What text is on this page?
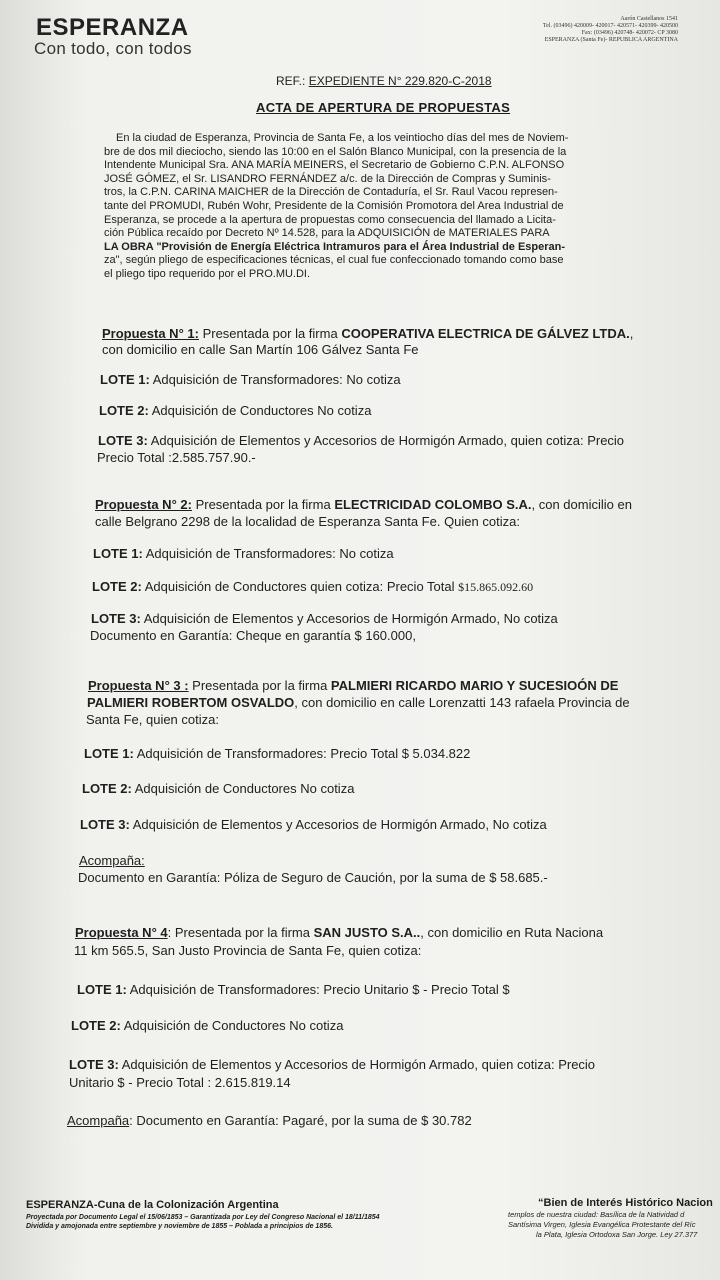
ESPERANZA
Con todo, con todos
Aarón Castellanos 1541
Tel. (03496) 420009- 420017- 420571- 420399- 420500
Fax: (03496) 420748- 420072- CP 3080
ESPERANZA (Santa Fe)- REPUBLICA ARGENTINA
REF.: EXPEDIENTE N° 229.820-C-2018
ACTA DE APERTURA DE PROPUESTAS

En la ciudad de Esperanza, Provincia de Santa Fe, a los veintiocho días del mes de Noviem-

bre de dos mil dieciocho, siendo las 10:00 en el Salón Blanco Municipal, con la presencia de la

Intendente Municipal Sra. ANA MARÍA MEINERS, el Secretario de Gobierno C.P.N. ALFONSO

JOSÉ GÓMEZ, el Sr. LISANDRO FERNÁNDEZ a/c. de la Dirección de Compras y Suminis-

tros, la C.P.N. CARINA MAICHER de la Dirección de Contaduría, el Sr. Raul Vacou represen-

tante del PROMUDI, Rubén Wohr, Presidente de la Comisión Promotora del Area Industrial de

Esperanza, se procede a la apertura de propuestas como consecuencia del llamado a Licita-

ción Pública recaído por Decreto Nº 14.528, para la ADQUISICIÓN de MATERIALES PARA

LA OBRA "Provisión de Energía Eléctrica Intramuros para el Área Industrial de Esperan-

za", según pliego de especificaciones técnicas, el cual fue confeccionado tomando como base

el pliego tipo requerido por el PRO.MU.DI.

Propuesta N° 1: Presentada por la firma COOPERATIVA ELECTRICA DE GÁLVEZ LTDA.,
con domicilio en calle San Martín 106 Gálvez Santa Fe
LOTE 1: Adquisición de Transformadores: No cotiza
LOTE 2: Adquisición de Conductores No cotiza
LOTE 3: Adquisición de Elementos y Accesorios de Hormigón Armado, quien cotiza: Precio
Precio Total :2.585.757.90.-
Propuesta N° 2: Presentada por la firma ELECTRICIDAD COLOMBO S.A., con domicilio en
calle Belgrano 2298 de la localidad de Esperanza Santa Fe. Quien cotiza:
LOTE 1: Adquisición de Transformadores: No cotiza
LOTE 2: Adquisición de Conductores quien cotiza: Precio Total $15.865.092.60
LOTE 3: Adquisición de Elementos y Accesorios de Hormigón Armado, No cotiza
Documento en Garantía: Cheque en garantía $ 160.000,
Propuesta N° 3 : Presentada por la firma PALMIERI RICARDO MARIO Y SUCESIOÓN DE
PALMIERI ROBERTOM OSVALDO, con domicilio en calle Lorenzatti 143 rafaela Provincia de
Santa Fe, quien cotiza:
LOTE 1: Adquisición de Transformadores: Precio Total $ 5.034.822
LOTE 2: Adquisición de Conductores No cotiza
LOTE 3: Adquisición de Elementos y Accesorios de Hormigón Armado, No cotiza
Acompaña:
Documento en Garantía: Póliza de Seguro de Caución, por la suma de $ 58.685.-
Propuesta N° 4: Presentada por la firma SAN JUSTO S.A.., con domicilio en Ruta Naciona
11 km 565.5, San Justo Provincia de Santa Fe, quien cotiza:
LOTE 1: Adquisición de Transformadores: Precio Unitario $ - Precio Total $
LOTE 2: Adquisición de Conductores No cotiza
LOTE 3: Adquisición de Elementos y Accesorios de Hormigón Armado, quien cotiza: Precio
Unitario $ - Precio Total : 2.615.819.14
Acompaña: Documento en Garantía: Pagaré, por la suma de $ 30.782
ESPERANZA-Cuna de la Colonización Argentina
Proyectada por Documento Legal el 15/06/1853 – Garantizada por Ley del Congreso Nacional el 18/11/1854
Dividida y amojonada entre septiembre y noviembre de 1855 – Poblada a principios de 1856.
“Bien de Interés Histórico Nacion
templos de nuestra ciudad: Basílica de la Natividad d
Santísima Virgen, Iglesia Evangélica Protestante del Ríc
la Plata, Iglesia Ortodoxa San Jorge. Ley 27.377
